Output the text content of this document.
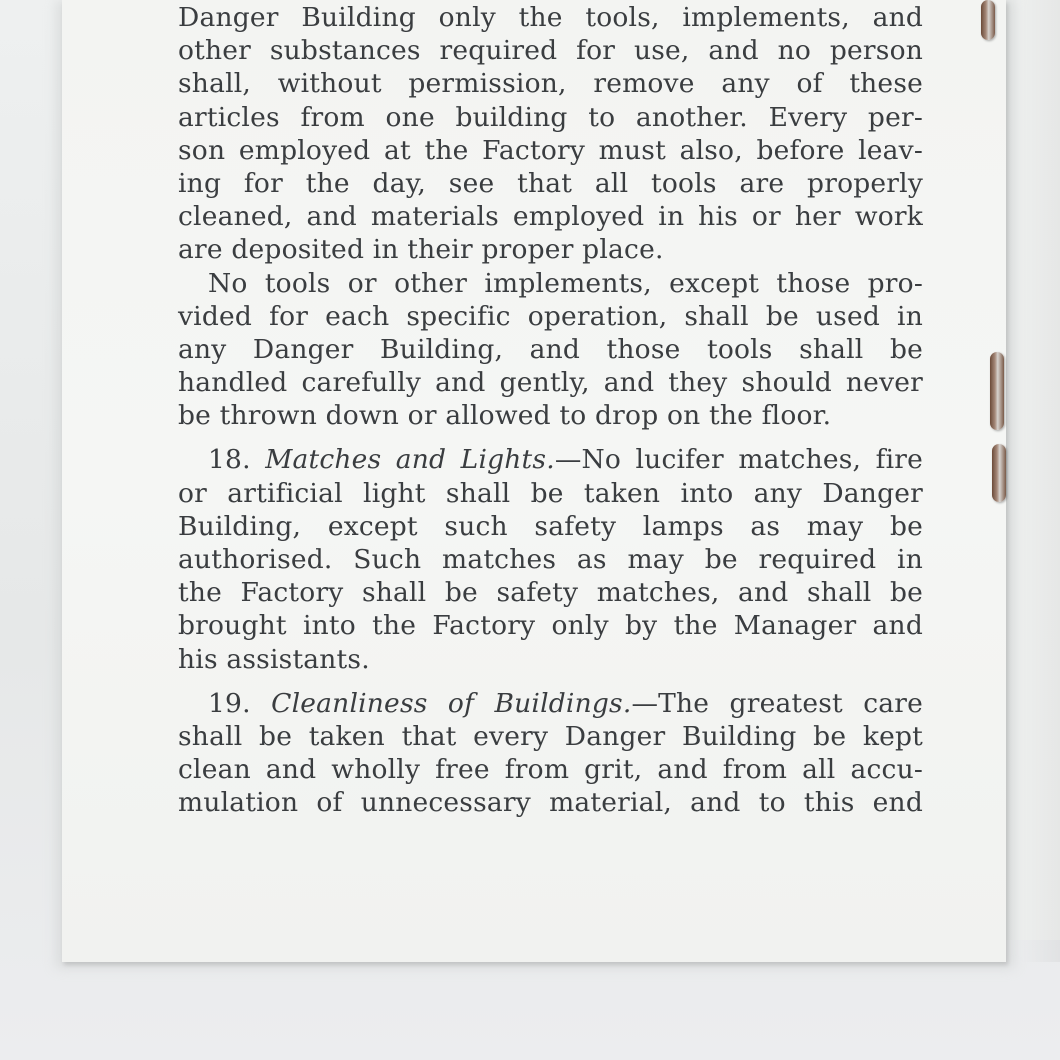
Danger Building only the tools, implements, and
other substances required for use, and no person
shall, without permission, remove any of these
articles from one building to another. Every per-
son employed at the Factory must also, before leav-
ing for the day, see that all tools are properly
cleaned, and materials employed in his or her work
are deposited in their proper place.
No tools or other implements, except those pro-
vided for each specific operation, shall be used in
any Danger Building, and those tools shall be
handled carefully and gently, and they should never
be thrown down or allowed to drop on the floor.
18. Matches and Lights.—No lucifer matches, fire
or artificial light shall be taken into any Danger
Building, except such safety lamps as may be
authorised. Such matches as may be required in
the Factory shall be safety matches, and shall be
brought into the Factory only by the Manager and
his assistants.
19. Cleanliness of Buildings.—The greatest care
shall be taken that every Danger Building be kept
clean and wholly free from grit, and from all accu-
mulation of unnecessary material, and to this end
